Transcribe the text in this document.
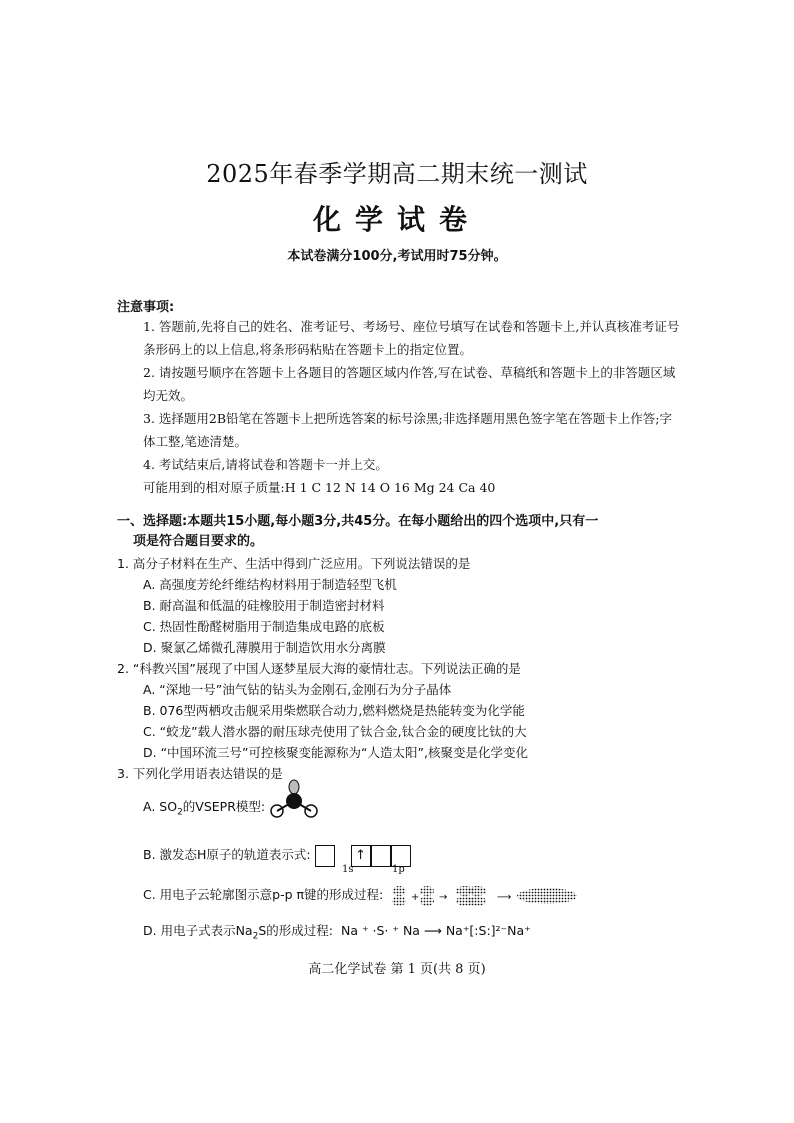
2025年春季学期高二期末统一测试
化学试卷
本试卷满分100分,考试用时75分钟。
注意事项:
1. 答题前,先将自己的姓名、准考证号、考场号、座位号填写在试卷和答题卡上,并认真核准考证号条形码上的以上信息,将条形码粘贴在答题卡上的指定位置。
2. 请按题号顺序在答题卡上各题目的答题区域内作答,写在试卷、草稿纸和答题卡上的非答题区域均无效。
3. 选择题用2B铅笔在答题卡上把所选答案的标号涂黑;非选择题用黑色签字笔在答题卡上作答;字体工整,笔迹清楚。
4. 考试结束后,请将试卷和答题卡一并上交。
可能用到的相对原子质量:H 1 C 12 N 14 O 16 Mg 24 Ca 40
一、选择题:本题共15小题,每小题3分,共45分。在每小题给出的四个选项中,只有一
项是符合题目要求的。
1. 高分子材料在生产、生活中得到广泛应用。下列说法错误的是
A. 高强度芳纶纤维结构材料用于制造轻型飞机
B. 耐高温和低温的硅橡胶用于制造密封材料
C. 热固性酚醛树脂用于制造集成电路的底板
D. 聚氯乙烯微孔薄膜用于制造饮用水分离膜
2. “科教兴国”展现了中国人逐梦星辰大海的豪情壮志。下列说法正确的是
A. “深地一号”油气钻的钻头为金刚石,金刚石为分子晶体
B. 076型两栖攻击舰采用柴燃联合动力,燃料燃烧是热能转变为化学能
C. “蛟龙”载人潜水器的耐压球壳使用了钛合金,钛合金的硬度比钛的大
D. “中国环流三号”可控核聚变能源称为“人造太阳”,核聚变是化学变化
3. 下列化学用语表达错误的是
A. $SO_2$的VSEPR模型:
B. 激发态H原子的轨道表示式:	↑
1s	1p
C. 用电子云轮廓图示意p-p π键的形成过程:	+ →	⟶
D. 用电子式表示$Na_2S$的形成过程: Na ⁺ ·S· ⁺ Na ⟶ Na⁺[:S:]²⁻Na⁺
高二化学试卷 第 1 页(共 8 页)
